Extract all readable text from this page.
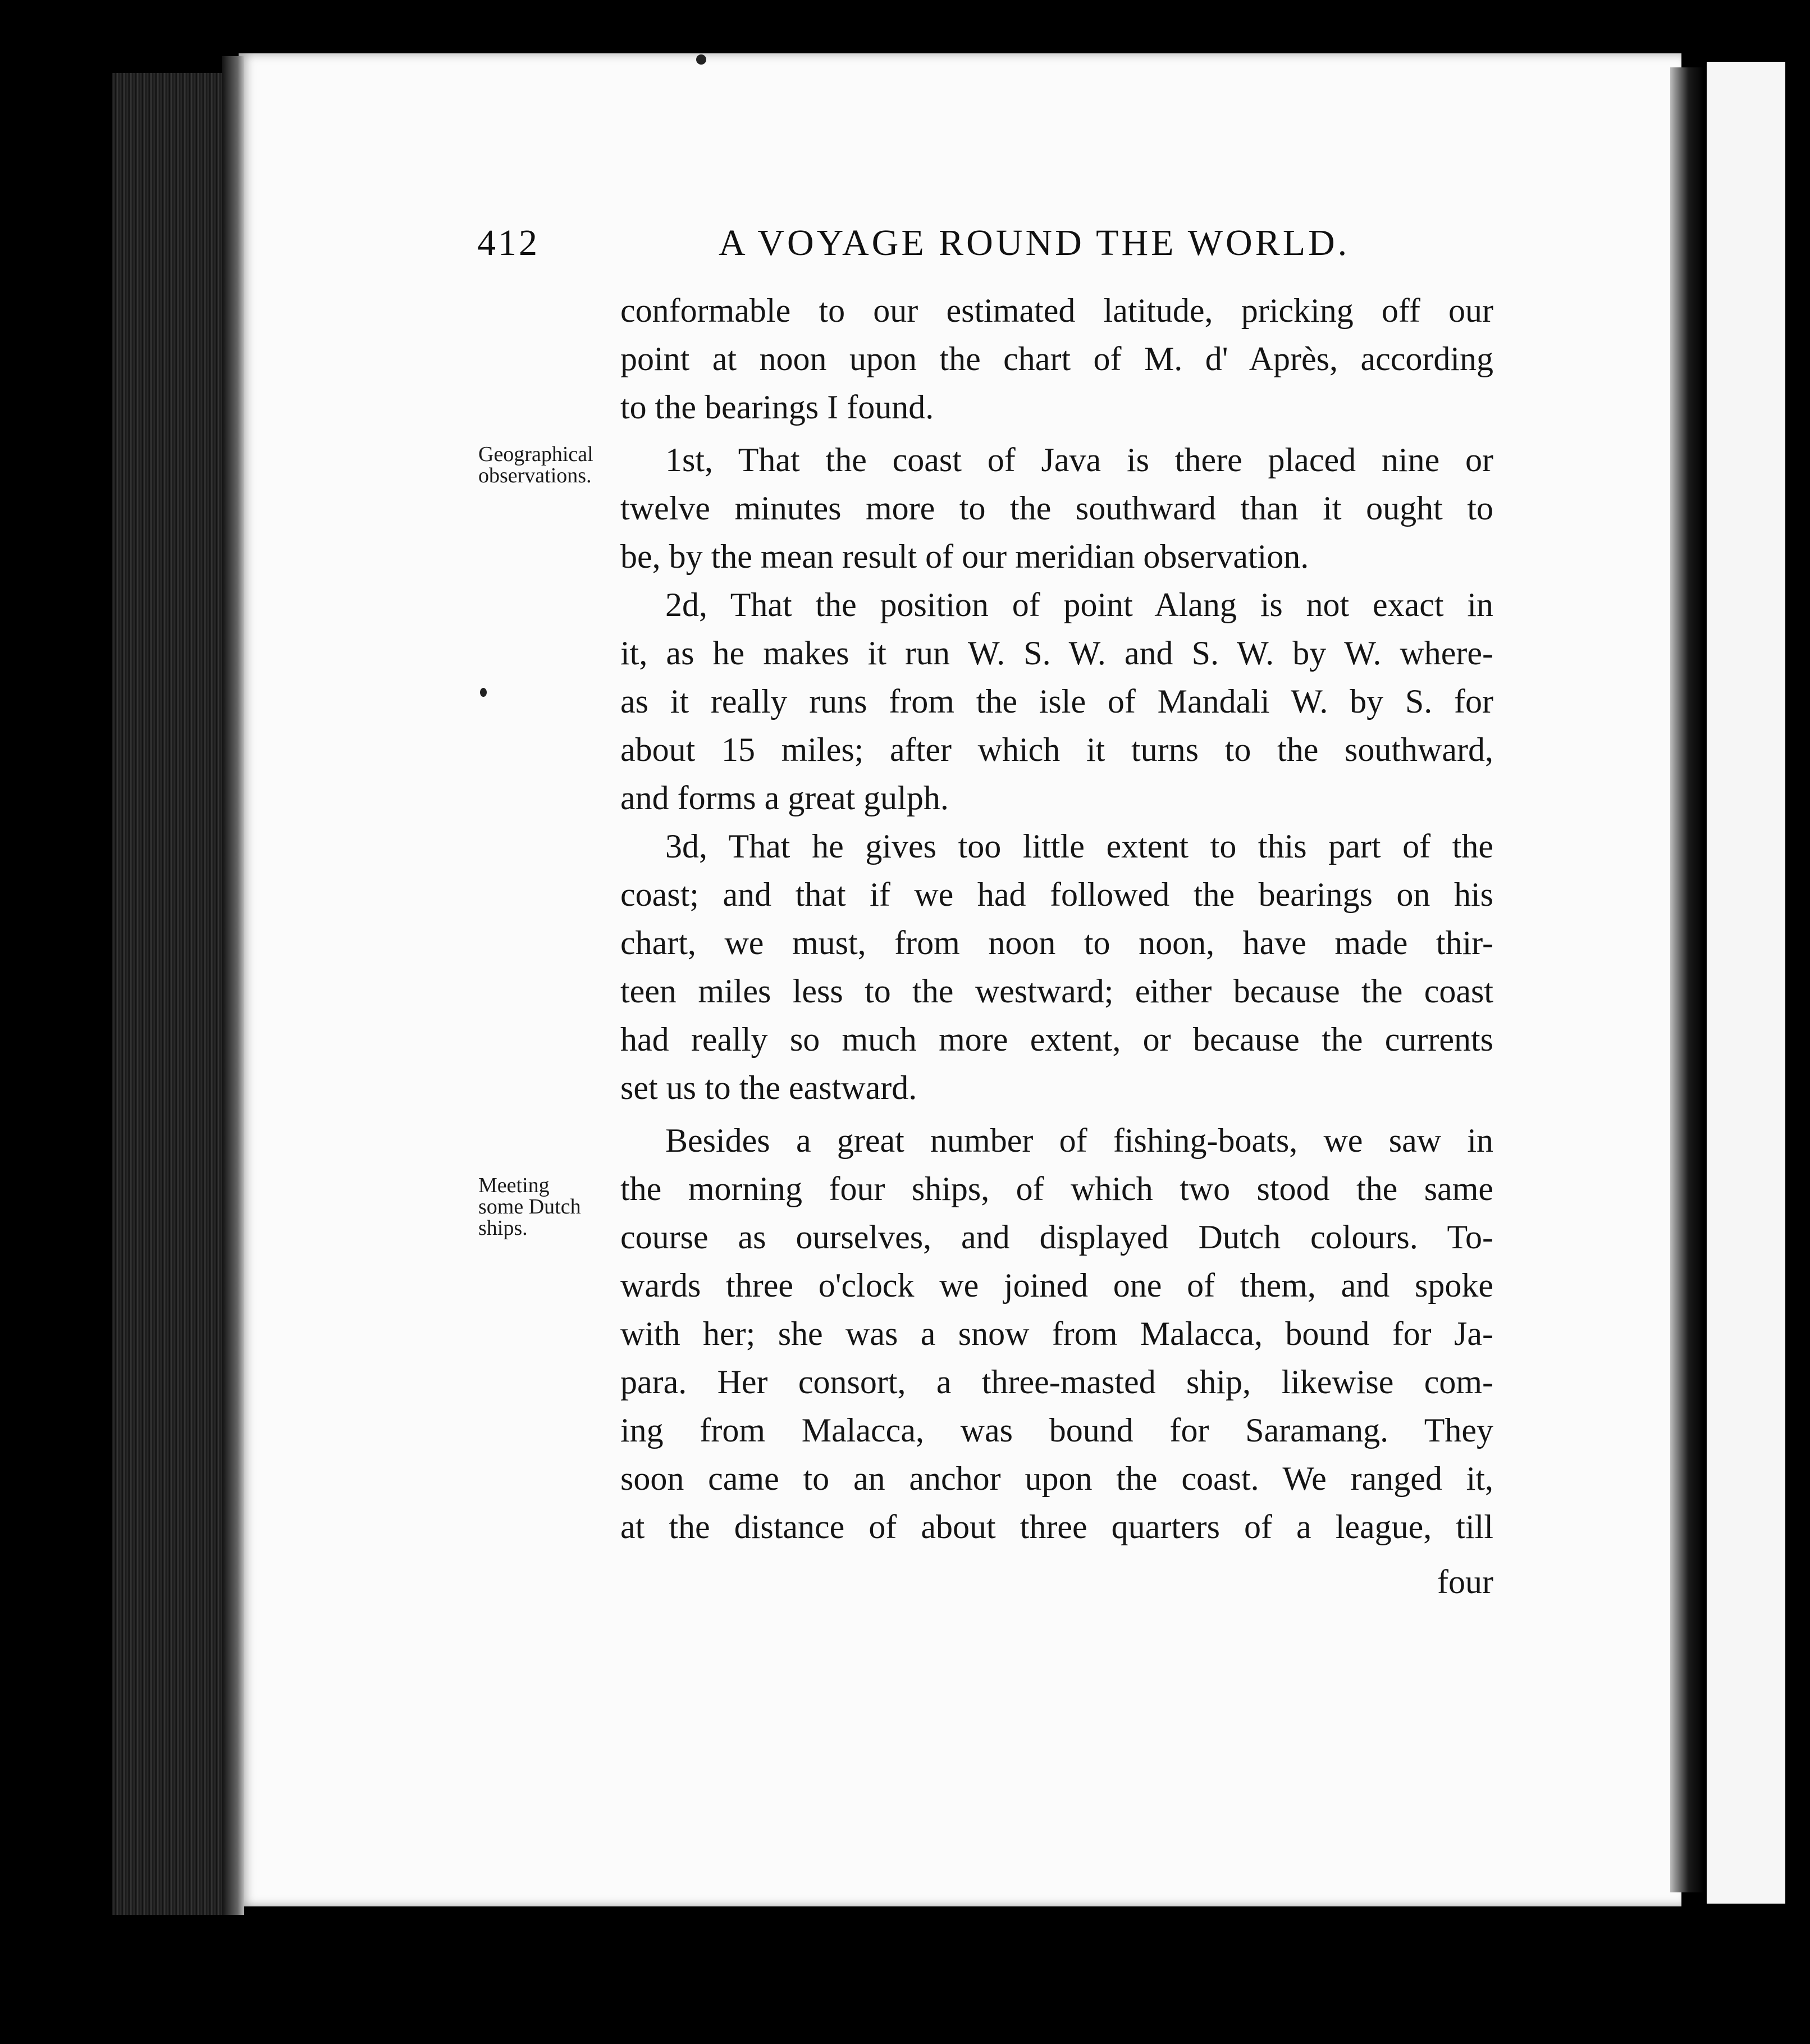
412	A VOYAGE ROUND THE WORLD.
Geographical
observations.
Meeting
some Dutch
ships.
conformable to our estimated latitude, pricking off our
point at noon upon the chart of M. d' Après, according
to the bearings I found.
1st, That the coast of Java is there placed nine or
twelve minutes more to the southward than it ought to
be, by the mean result of our meridian observation.
2d, That the position of point Alang is not exact in
it, as he makes it run W. S. W. and S. W. by W. where-
as it really runs from the isle of Mandali W. by S. for
about 15 miles; after which it turns to the southward,
and forms a great gulph.
3d, That he gives too little extent to this part of the
coast; and that if we had followed the bearings on his
chart, we must, from noon to noon, have made thir-
teen miles less to the westward; either because the coast
had really so much more extent, or because the currents
set us to the eastward.
Besides a great number of fishing-boats, we saw in
the morning four ships, of which two stood the same
course as ourselves, and displayed Dutch colours. To-
wards three o'clock we joined one of them, and spoke
with her; she was a snow from Malacca, bound for Ja-
para. Her consort, a three-masted ship, likewise com-
ing from Malacca, was bound for Saramang. They
soon came to an anchor upon the coast. We ranged it,
at the distance of about three quarters of a league, till
four
